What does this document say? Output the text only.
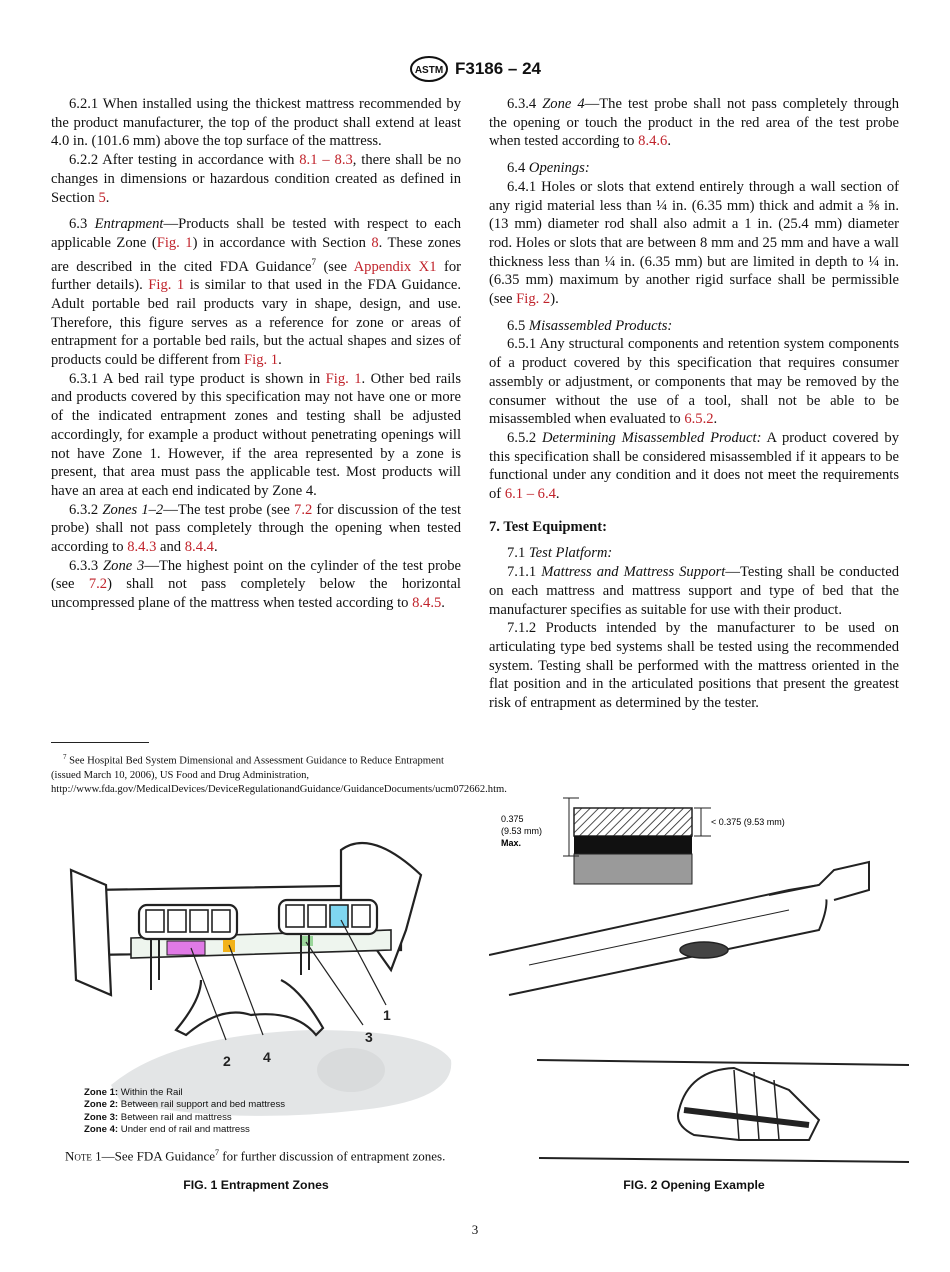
ASTM F3186 – 24

6.2.1 When installed using the thickest mattress recommended by the product manufacturer, the top of the product shall extend at least 4.0 in. (101.6 mm) above the top surface of the mattress.

6.2.2 After testing in accordance with 8.1 – 8.3, there shall be no changes in dimensions or hazardous condition created as defined in Section 5.

6.3 Entrapment—Products shall be tested with respect to each applicable Zone (Fig. 1) in accordance with Section 8. These zones are described in the cited FDA Guidance$^7$ (see Appendix X1 for further details). Fig. 1 is similar to that used in the FDA Guidance. Adult portable bed rail products vary in shape, design, and use. Therefore, this figure serves as a reference for zone or areas of entrapment for a portable bed rails, but the actual shapes and sizes of products could be different from Fig. 1.

6.3.1 A bed rail type product is shown in Fig. 1. Other bed rails and products covered by this specification may not have one or more of the indicated entrapment zones and testing shall be adjusted accordingly, for example a product without penetrating openings will not have Zone 1. However, if the area represented by a zone is present, that area must pass the applicable test. Most products will have an area at each end indicated by Zone 4.

6.3.2 Zones 1–2—The test probe (see 7.2 for discussion of the test probe) shall not pass completely through the opening when tested according to 8.4.3 and 8.4.4.

6.3.3 Zone 3—The highest point on the cylinder of the test probe (see 7.2) shall not pass completely below the horizontal uncompressed plane of the mattress when tested according to 8.4.5.

$^7$ See Hospital Bed System Dimensional and Assessment Guidance to Reduce Entrapment (issued March 10, 2006), US Food and Drug Administration, http://www.fda.gov/MedicalDevices/DeviceRegulationandGuidance/GuidanceDocuments/ucm072662.htm.

6.3.4 Zone 4—The test probe shall not pass completely through the opening or touch the product in the red area of the test probe when tested according to 8.4.6.

6.4 Openings:

6.4.1 Holes or slots that extend entirely through a wall section of any rigid material less than ¼ in. (6.35 mm) thick and admit a ⅝ in. (13 mm) diameter rod shall also admit a 1 in. (25.4 mm) diameter rod. Holes or slots that are between 8 mm and 25 mm and have a wall thickness less than ¼ in. (6.35 mm) but are limited in depth to ¼ in. (6.35 mm) maximum by another rigid surface shall be permissible (see Fig. 2).

6.5 Misassembled Products:

6.5.1 Any structural components and retention system components of a product covered by this specification that requires consumer assembly or adjustment, or components that may be removed by the consumer without the use of a tool, shall not be able to be misassembled when evaluated to 6.5.2.

6.5.2 Determining Misassembled Product: A product covered by this specification shall be considered misassembled if it appears to be functional under any condition and it does not meet the requirements of 6.1 – 6.4.

7. Test Equipment:

7.1 Test Platform:

7.1.1 Mattress and Mattress Support—Testing shall be conducted on each mattress and mattress support and type of bed that the manufacturer specifies as suitable for use with their product.

7.1.2 Products intended by the manufacturer to be used on articulating type bed systems shall be tested using the recommended system. Testing shall be performed with the mattress oriented in the flat position and in the articulated positions that present the greatest risk of entrapment as determined by the tester.

1
2
3
4
Zone 1: Within the Rail
Zone 2: Between rail support and bed mattress
Zone 3: Between rail and mattress
Zone 4: Under end of rail and mattress
Note 1—See FDA Guidance$^7$ for further discussion of entrapment zones.
FIG. 1 Entrapment Zones
0.375
(9.53 mm)
Max.
< 0.375 (9.53 mm)
FIG. 2 Opening Example
3
